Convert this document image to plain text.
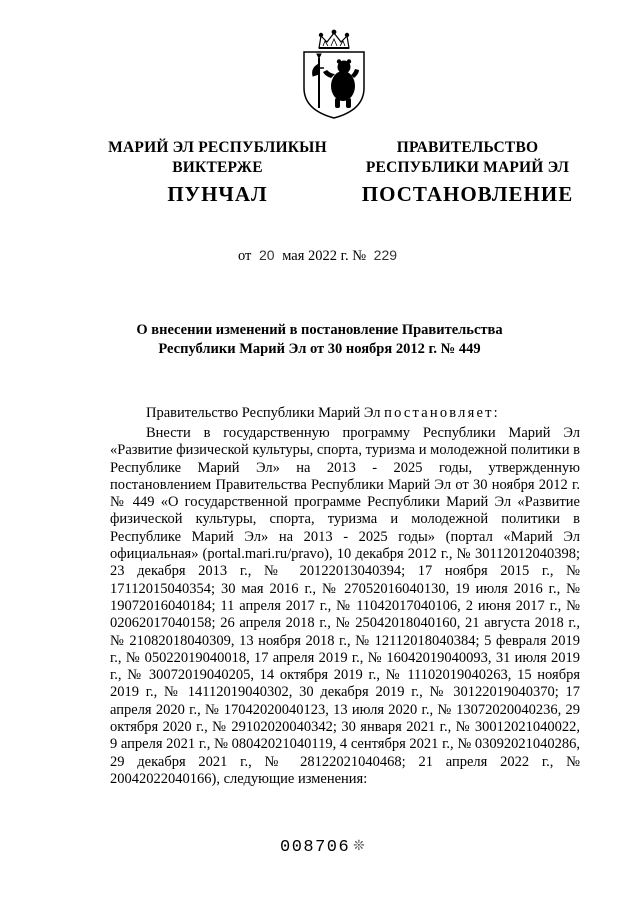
МАРИЙ ЭЛ РЕСПУБЛИКЫН
ВИКТЕРЖЕ
ПРАВИТЕЛЬСТВО
РЕСПУБЛИКИ МАРИЙ ЭЛ
ПУНЧАЛ	ПОСТАНОВЛЕНИЕ
от 20 мая 2022 г. № 229
О внесении изменений в постановление Правительства
Республики Марий Эл от 30 ноября 2012 г. № 449
Правительство Республики Марий Эл постановляет:

Внести в государственную программу Республики Марий Эл «Развитие физической культуры, спорта, туризма и молодежной политики в Республике Марий Эл» на 2013 - 2025 годы, утвержденную постановлением Правительства Республики Марий Эл от 30 ноября 2012 г. № 449 «О государственной программе Республики Марий Эл «Развитие физической культуры, спорта, туризма и молодежной политики в Республике Марий Эл» на 2013 - 2025 годы» (портал «Марий Эл официальная» (portal.mari.ru/pravo), 10 декабря 2012 г., № 30112012040398; 23 декабря 2013 г., № 20122013040394; 17 ноября 2015 г., № 17112015040354; 30 мая 2016 г., № 27052016040130, 19 июля 2016 г., № 19072016040184; 11 апреля 2017 г., № 11042017040106, 2 июня 2017 г., № 02062017040158; 26 апреля 2018 г., № 25042018040160, 21 августа 2018 г., № 21082018040309, 13 ноября 2018 г., № 12112018040384; 5 февраля 2019 г., № 05022019040018, 17 апреля 2019 г., № 16042019040093, 31 июля 2019 г., № 30072019040205, 14 октября 2019 г., № 11102019040263, 15 ноября 2019 г., № 14112019040302, 30 декабря 2019 г., № 30122019040370; 17 апреля 2020 г., № 17042020040123, 13 июля 2020 г., № 13072020040236, 29 октября 2020 г., № 29102020040342; 30 января 2021 г., № 30012021040022, 9 апреля 2021 г., № 08042021040119, 4 сентября 2021 г., № 03092021040286, 29 декабря 2021 г., № 28122021040468; 21 апреля 2022 г., № 20042022040166), следующие изменения:

008706 ❊
